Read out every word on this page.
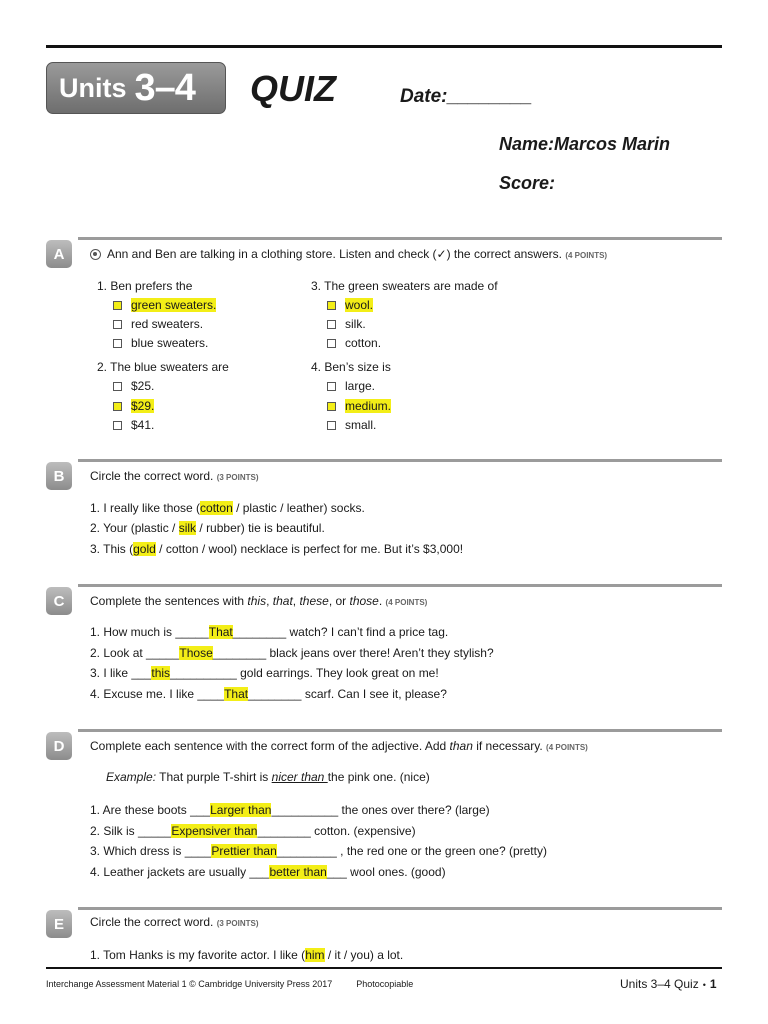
Units 3–4 QUIZ	Date:________
Name:Marcos Marin
Score:
A	Ann and Ben are talking in a clothing store. Listen and check (✓) the correct answers. (4 POINTS)
1. Ben prefers the
green sweaters.
red sweaters.
blue sweaters.
2. The blue sweaters are
$25.
$29.
$41.
3. The green sweaters are made of
wool.
silk.
cotton.
4. Ben’s size is
large.
medium.
small.
B	Circle the correct word. (3 POINTS)
1. I really like those (cotton / plastic / leather) socks.
2. Your (plastic / silk / rubber) tie is beautiful.
3. This (gold / cotton / wool) necklace is perfect for me. But it’s $3,000!
C	Complete the sentences with this, that, these, or those. (4 POINTS)
1. How much is _____That________ watch? I can’t find a price tag.
2. Look at _____Those________ black jeans over there! Aren’t they stylish?
3. I like ___this__________ gold earrings. They look great on me!
4. Excuse me. I like ____That________ scarf. Can I see it, please?
D	Complete each sentence with the correct form of the adjective. Add than if necessary. (4 POINTS)
Example: That purple T-shirt is nicer than the pink one. (nice)
1. Are these boots ___Larger than__________ the ones over there? (large)
2. Silk is _____Expensiver than________ cotton. (expensive)
3. Which dress is ____Prettier than_________ , the red one or the green one? (pretty)
4. Leather jackets are usually ___better than___ wool ones. (good)
E	Circle the correct word. (3 POINTS)
1. Tom Hanks is my favorite actor. I like (him / it / you) a lot.
Interchange Assessment Material 1 © Cambridge University Press 2017	Photocopiable	Units 3–4 Quiz • 1
